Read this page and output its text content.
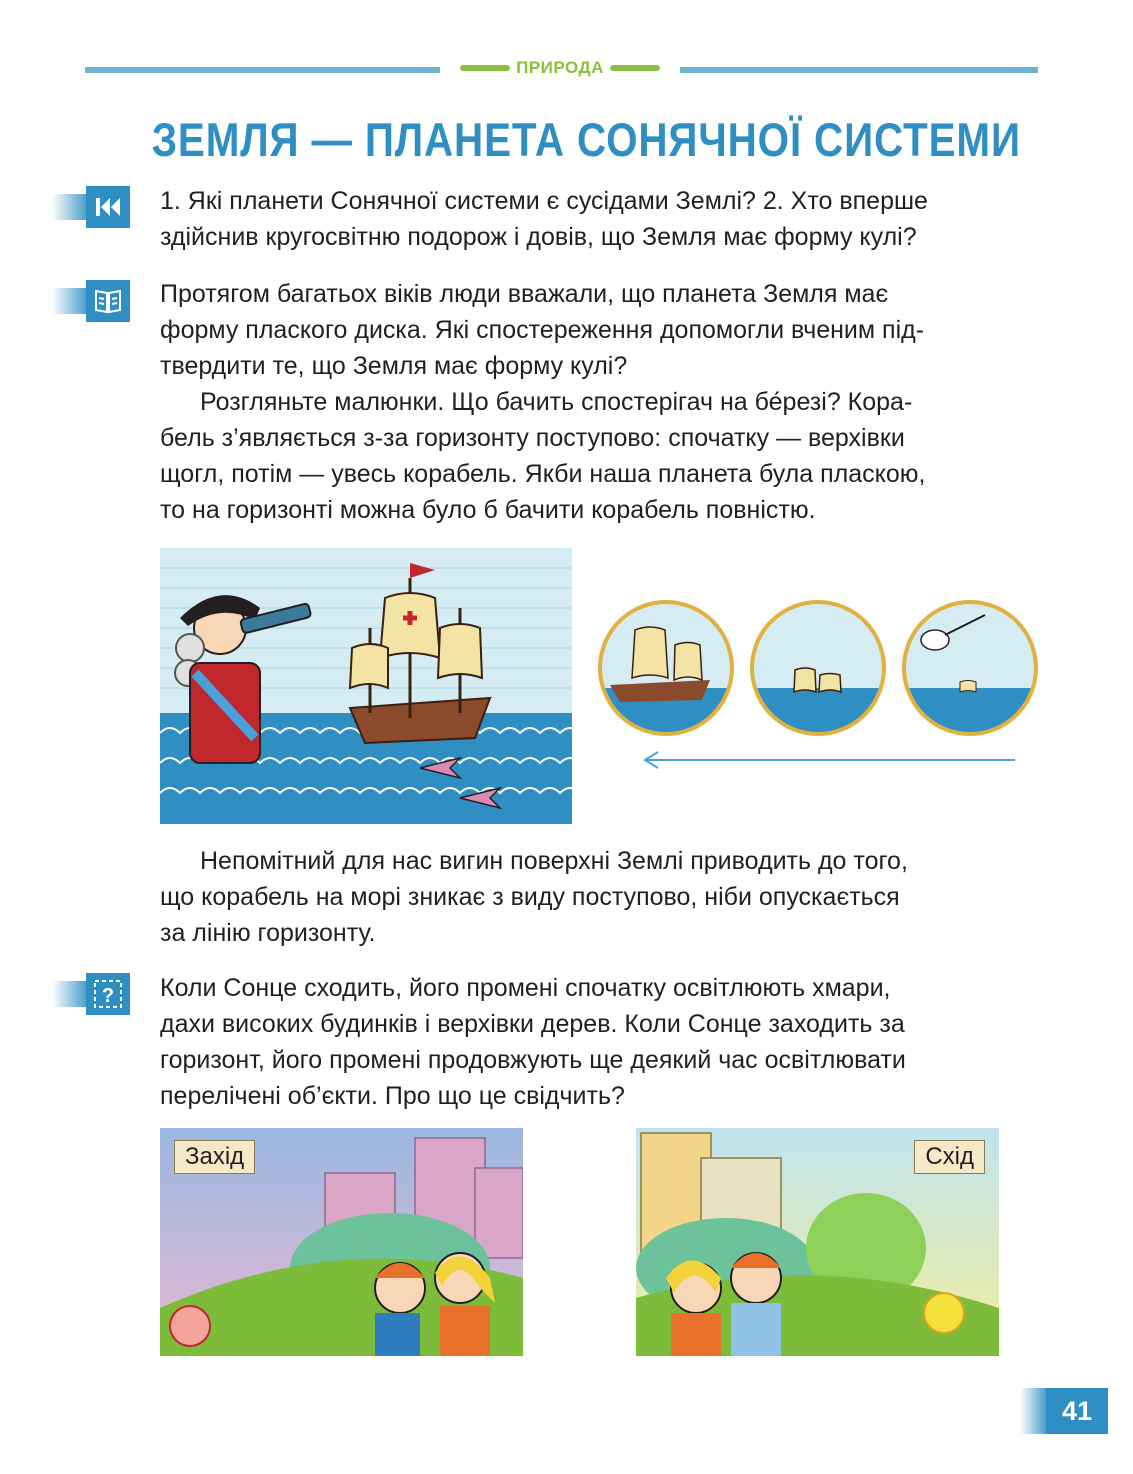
ПРИРОДА
ЗЕМЛЯ — ПЛАНЕТА СОНЯЧНОЇ СИСТЕМИ

1. Які планети Сонячної системи є сусідами Землі? 2. Хто вперше
здійснив кругосвітню подорож і довів, що Земля має форму кулі?

Протягом багатьох віків люди вважали, що планета Земля має
форму плаского диска. Які спостереження допомогли вченим під-
твердити те, що Земля має форму кулі?

Розгляньте малюнки. Що бачить спостерігач на бе́резі? Кора-
бель з’являється з-за горизонту поступово: спочатку — верхівки
щогл, потім — увесь корабель. Якби наша планета була пласкою,
то на горизонті можна було б бачити корабель повністю.

Непомітний для нас вигин поверхні Землі приводить до того,
що корабель на морі зникає з виду поступово, ніби опускається
за лінію горизонту.

? Коли Сонце сходить, його промені спочатку освітлюють хмари,
дахи високих будинків і верхівки дерев. Коли Сонце заходить за
горизонт, його промені продовжують ще деякий час освітлювати
перелічені об’єкти. Про що це свідчить?

Захід	Схід
41
